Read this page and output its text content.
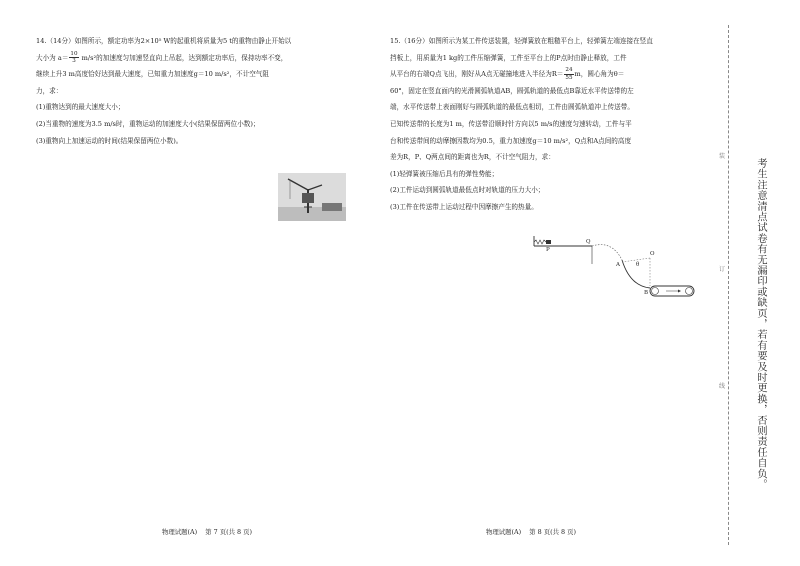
14.（14分）如图所示，额定功率为2×10⁵ W的起重机将质量为5 t的重物由静止开始以
大小为 $a= \frac{10}{3} m/s^2$的加速度匀加速竖直向上吊起，达到额定功率后，保持功率不变，
继续上升3 m高度恰好达到最大速度，已知重力加速度g＝10 m/s²，不计空气阻
力，求：
(1)重物达到的最大速度大小；
(2)当重物的速度为3.5 m/s时，重物运动的加速度大小(结果保留两位小数)；
(3)重物向上加速运动的时间(结果保留两位小数)。
物理试题(A) 第 7 页(共 8 页)
15.（16分）如图所示为某工件传送装置，轻弹簧放在粗糙平台上，轻弹簧左端连接在竖直
挡板上，用质量为1 kg的工件压缩弹簧，工件至平台上的P点时由静止释放，工件
从平台的右端Q点飞出，刚好从A点无碰撞地进入半径为$R= \frac{24}{55}$ m，圆心角为θ＝
60°，固定在竖直面内的光滑圆弧轨道AB，圆弧轨道的最低点B靠近水平传送带的左
端，水平传送带上表面刚好与圆弧轨道的最低点相切，工件由圆弧轨道冲上传送带。
已知传送带的长度为1 m，传送带沿顺时针方向以5 m/s的速度匀速转动，工件与平
台和传送带间的动摩擦因数均为0.5，重力加速度g＝10 m/s²，Q点和A点间的高度
差为R，P、Q两点间的距离也为R，不计空气阻力，求：
(1)轻弹簧被压缩后具有的弹性势能；
(2)工件运动到圆弧轨道最低点时对轨道的压力大小；
(3)工件在传送带上运动过程中因摩擦产生的热量。
P
Q
A
O
θ
B
物理试题(A) 第 8 页(共 8 页)
装
订
线	考生注意清点试卷有无漏印或缺页，若有要及时更换，否则责任自负。
